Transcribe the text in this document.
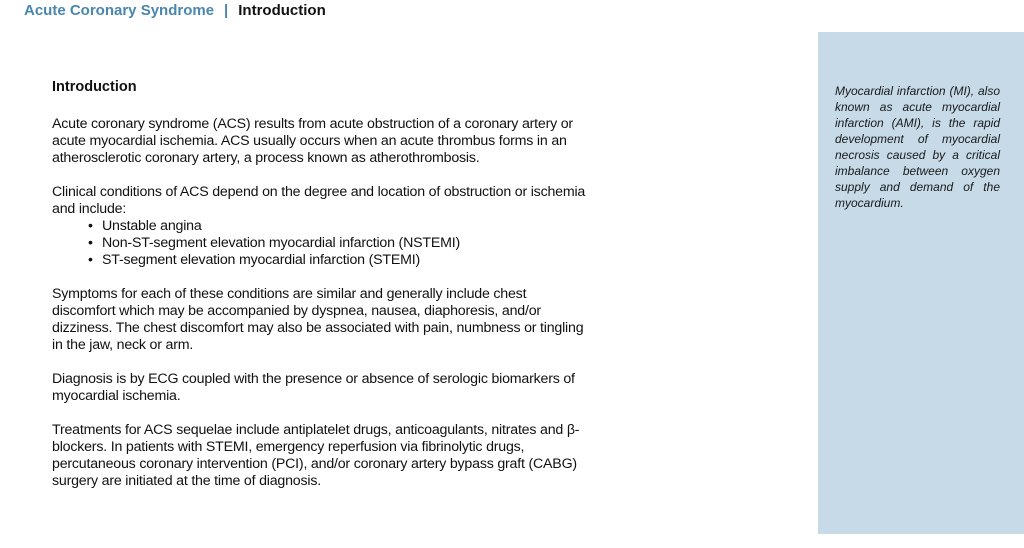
Acute Coronary Syndrome | Introduction
Introduction

Acute coronary syndrome (ACS) results from acute obstruction of a coronary artery or acute myocardial ischemia. ACS usually occurs when an acute thrombus forms in an atherosclerotic coronary artery, a process known as atherothrombosis.

Clinical conditions of ACS depend on the degree and location of obstruction or ischemia and include:

• Unstable angina
• Non-ST-segment elevation myocardial infarction (NSTEMI)
• ST-segment elevation myocardial infarction (STEMI)

Symptoms for each of these conditions are similar and generally include chest discomfort which may be accompanied by dyspnea, nausea, diaphoresis, and/or dizziness. The chest discomfort may also be associated with pain, numbness or tingling in the jaw, neck or arm.

Diagnosis is by ECG coupled with the presence or absence of serologic biomarkers of myocardial ischemia.

Treatments for ACS sequelae include antiplatelet drugs, anticoagulants, nitrates and β-blockers. In patients with STEMI, emergency reperfusion via fibrinolytic drugs, percutaneous coronary intervention (PCI), and/or coronary artery bypass graft (CABG) surgery are initiated at the time of diagnosis.

Myocardial infarction (MI), also known as acute myocardial infarction (AMI), is the rapid development of myocardial necrosis caused by a critical imbalance between oxygen supply and demand of the myocardium.
